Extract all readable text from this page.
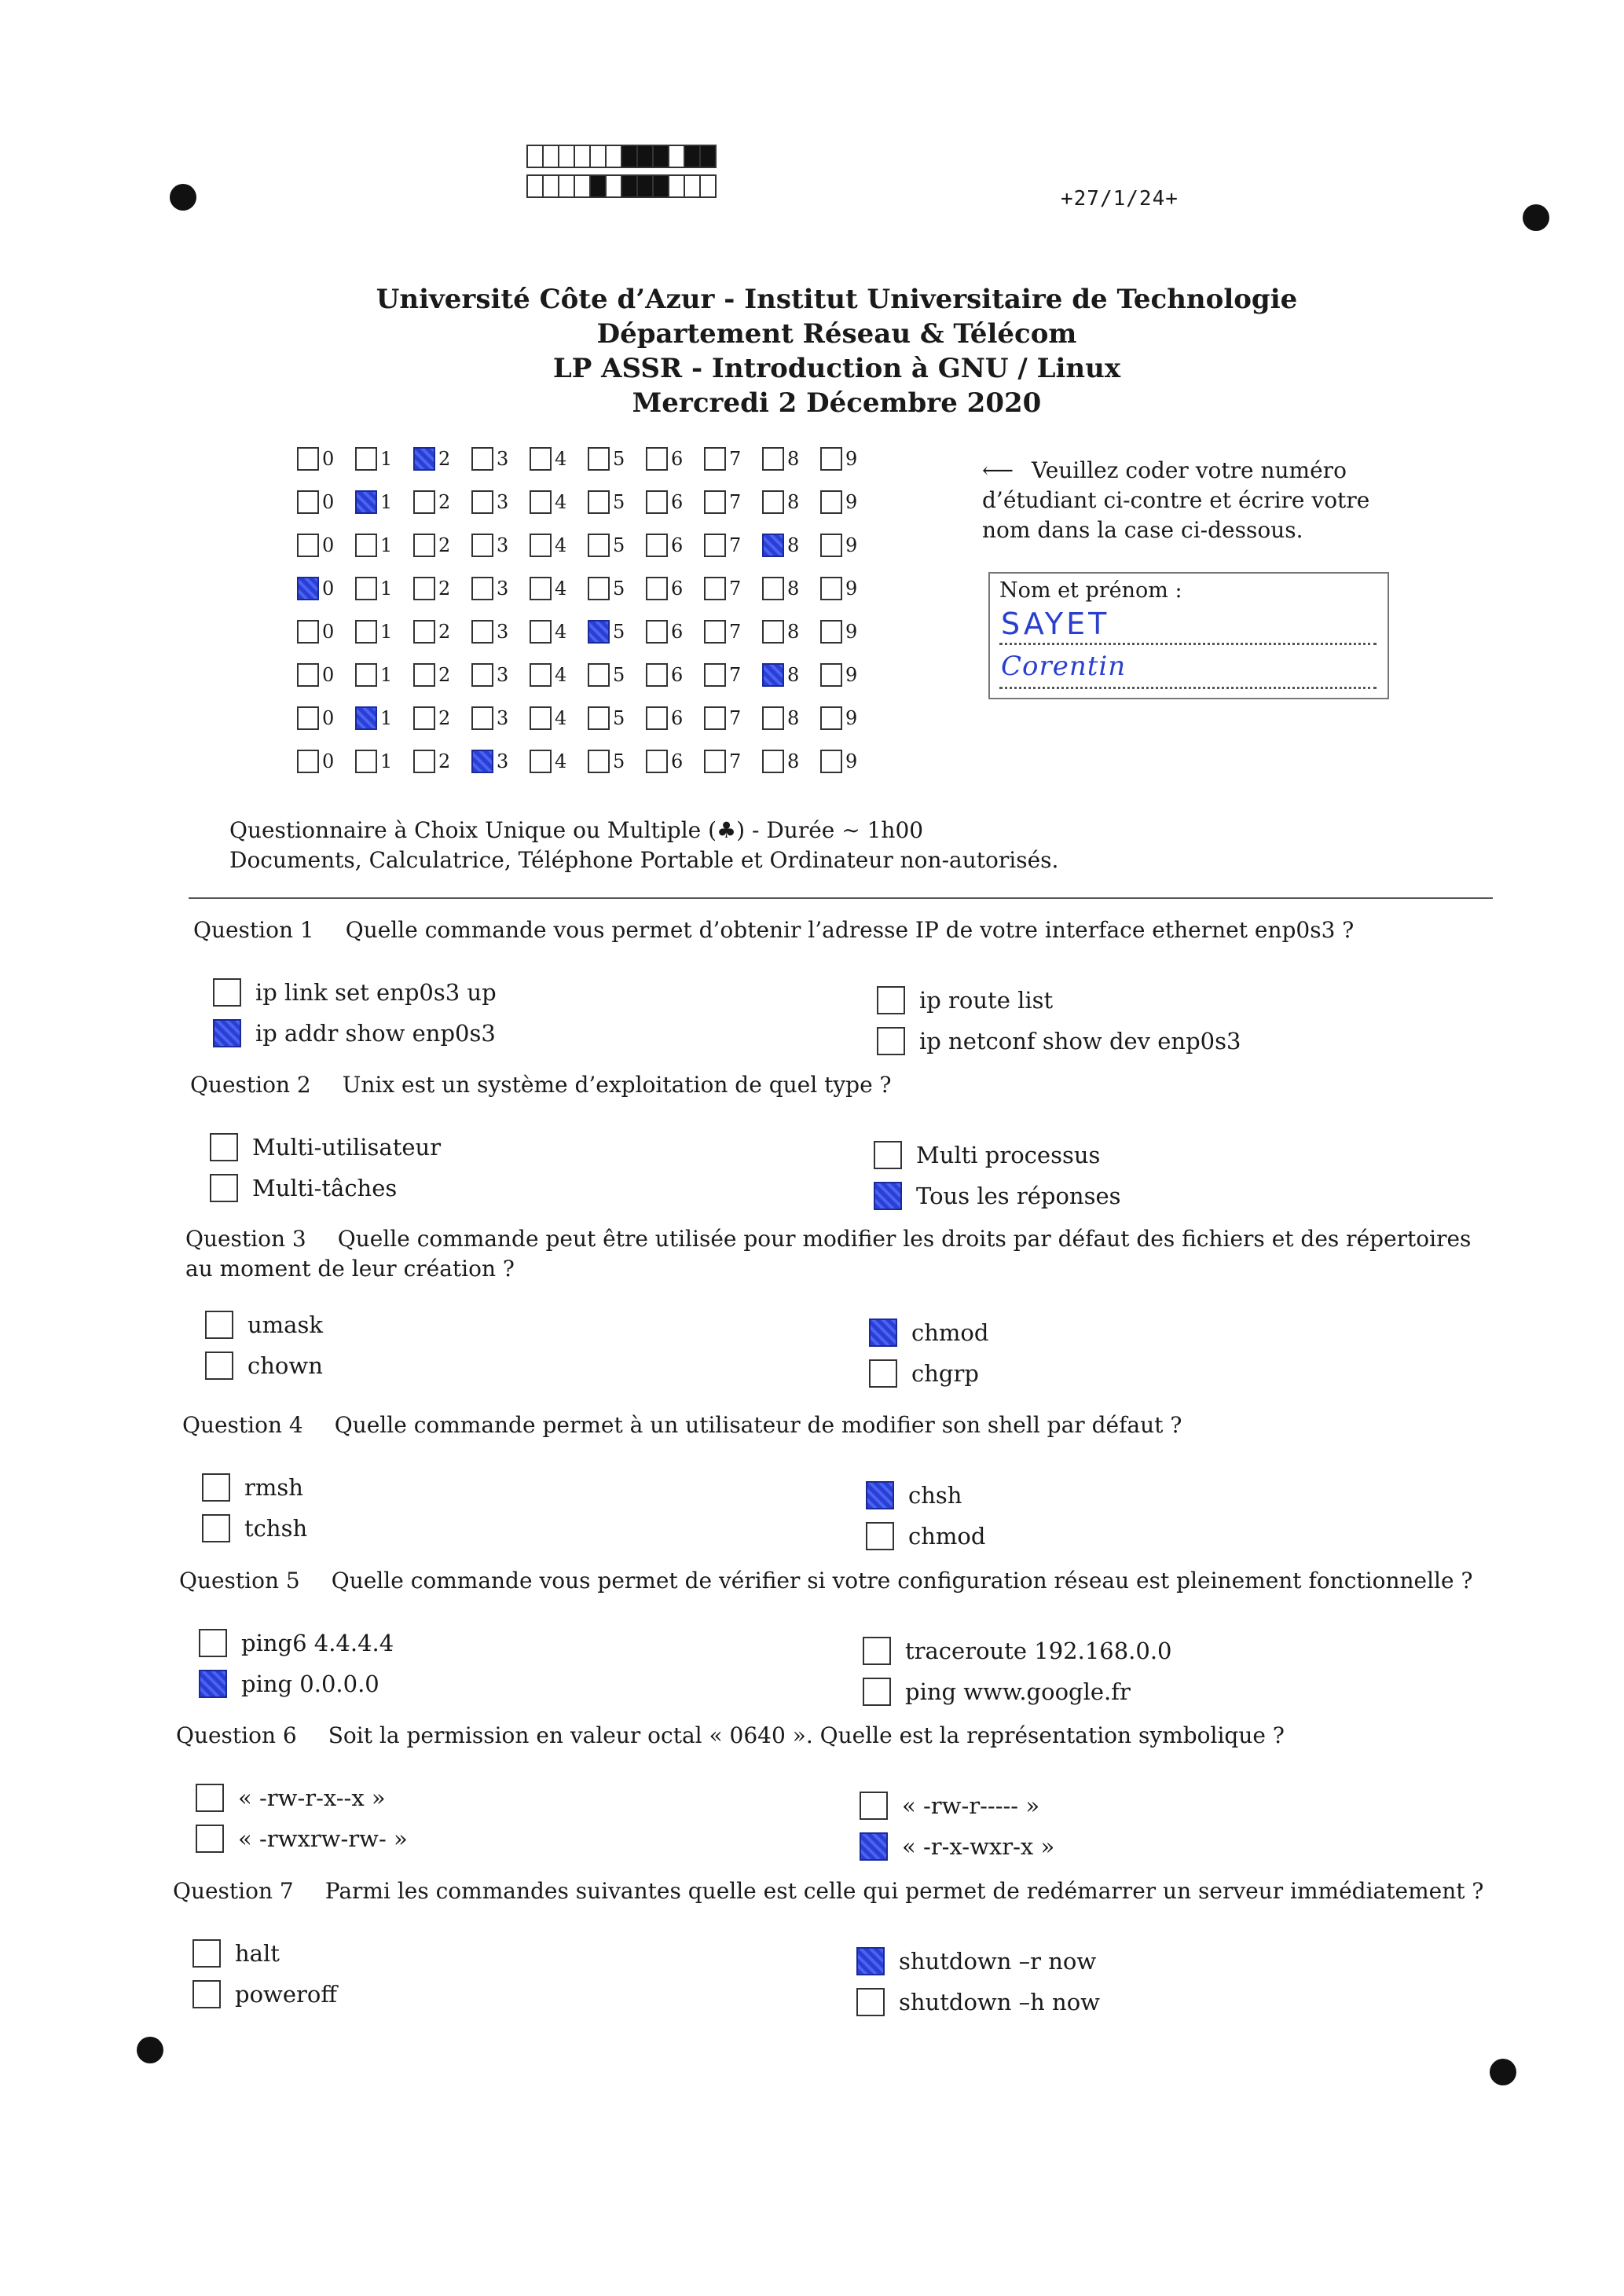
+27/1/24+
Université Côte d’Azur - Institut Universitaire de Technologie
Département Réseau & Télécom
LP ASSR - Introduction à GNU / Linux
Mercredi 2 Décembre 2020
0 1 2 3 4 5 6 7 8 9
0 1 2 3 4 5 6 7 8 9
0 1 2 3 4 5 6 7 8 9
0 1 2 3 4 5 6 7 8 9
0 1 2 3 4 5 6 7 8 9
0 1 2 3 4 5 6 7 8 9
0 1 2 3 4 5 6 7 8 9
0 1 2 3 4 5 6 7 8 9
⟵ Veuillez coder votre numéro d’étudiant ci-contre et écrire votre nom dans la case ci-dessous.
Nom et prénom :
SAYET
Corentin
Questionnaire à Choix Unique ou Multiple (♣) - Durée ∼ 1h00
Documents, Calculatrice, Téléphone Portable et Ordinateur non-autorisés.
Question 1 Quelle commande vous permet d’obtenir l’adresse IP de votre interface ethernet enp0s3 ?
ip link set enp0s3 up
ip addr show enp0s3
ip route list
ip netconf show dev enp0s3
Question 2 Unix est un système d’exploitation de quel type ?
Multi-utilisateur
Multi-tâches
Multi processus
Tous les réponses
Question 3 Quelle commande peut être utilisée pour modifier les droits par défaut des fichiers et des répertoires au moment de leur création ?
umask
chown
chmod
chgrp
Question 4 Quelle commande permet à un utilisateur de modifier son shell par défaut ?
rmsh
tchsh
chsh
chmod
Question 5 Quelle commande vous permet de vérifier si votre configuration réseau est pleinement fonctionnelle ?
ping6 4.4.4.4
ping 0.0.0.0
traceroute 192.168.0.0
ping www.google.fr
Question 6 Soit la permission en valeur octal « 0640 ». Quelle est la représentation symbolique ?
« -rw-r-x--x »
« -rwxrw-rw- »
« -rw-r----- »
« -r-x-wxr-x »
Question 7 Parmi les commandes suivantes quelle est celle qui permet de redémarrer un serveur immédiatement ?
halt
poweroff
shutdown –r now
shutdown –h now
